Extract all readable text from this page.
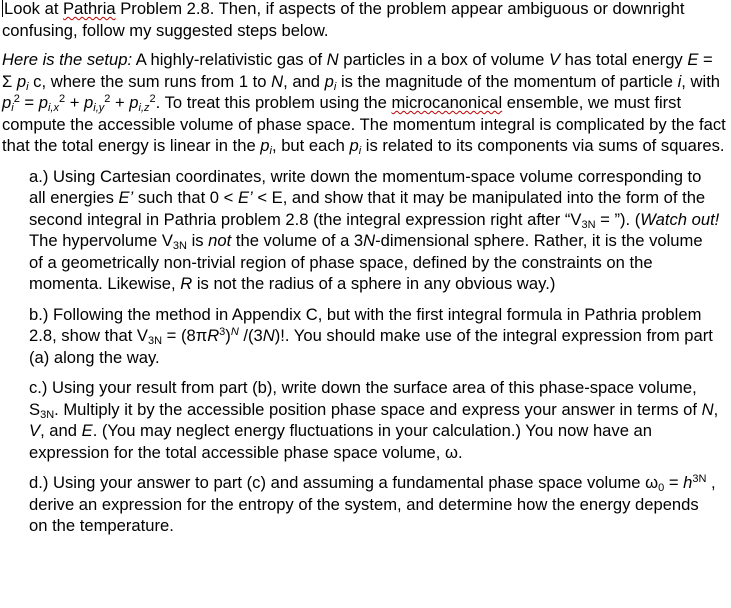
Look at Pathria Problem 2.8. Then, if aspects of the problem appear ambiguous or downright confusing, follow my suggested steps below.

Here is the setup: A highly-relativistic gas of N particles in a box of volume V has total energy E = Σ $p_i$ c, where the sum runs from 1 to N, and $p_i$ is the magnitude of the momentum of particle i, with $p_i^2 = p_{i,x}^2 + p_{i,y}^2 + p_{i,z}^2$. To treat this problem using the microcanonical ensemble, we must first compute the accessible volume of phase space. The momentum integral is complicated by the fact that the total energy is linear in the $p_i$, but each $p_i$ is related to its components via sums of squares.

a.) Using Cartesian coordinates, write down the momentum-space volume corresponding to all energies E’ such that 0 < E’ < E, and show that it may be manipulated into the form of the second integral in Pathria problem 2.8 (the integral expression right after “$V_{3N}$ = ”). (Watch out! The hypervolume $V_{3N}$ is not the volume of a 3N-dimensional sphere. Rather, it is the volume of a geometrically non-trivial region of phase space, defined by the constraints on the momenta. Likewise, R is not the radius of a sphere in any obvious way.)

b.) Following the method in Appendix C, but with the first integral formula in Pathria problem 2.8, show that $V_{3N} = (8\pi R^3)^N$ /(3N)!. You should make use of the integral expression from part (a) along the way.

c.) Using your result from part (b), write down the surface area of this phase-space volume, $S_{3N}$. Multiply it by the accessible position phase space and express your answer in terms of N, V, and E. (You may neglect energy fluctuations in your calculation.) You now have an expression for the total accessible phase space volume, ω.

d.) Using your answer to part (c) and assuming a fundamental phase space volume $\omega_0 = h^{3N}$ , derive an expression for the entropy of the system, and determine how the energy depends on the temperature.
